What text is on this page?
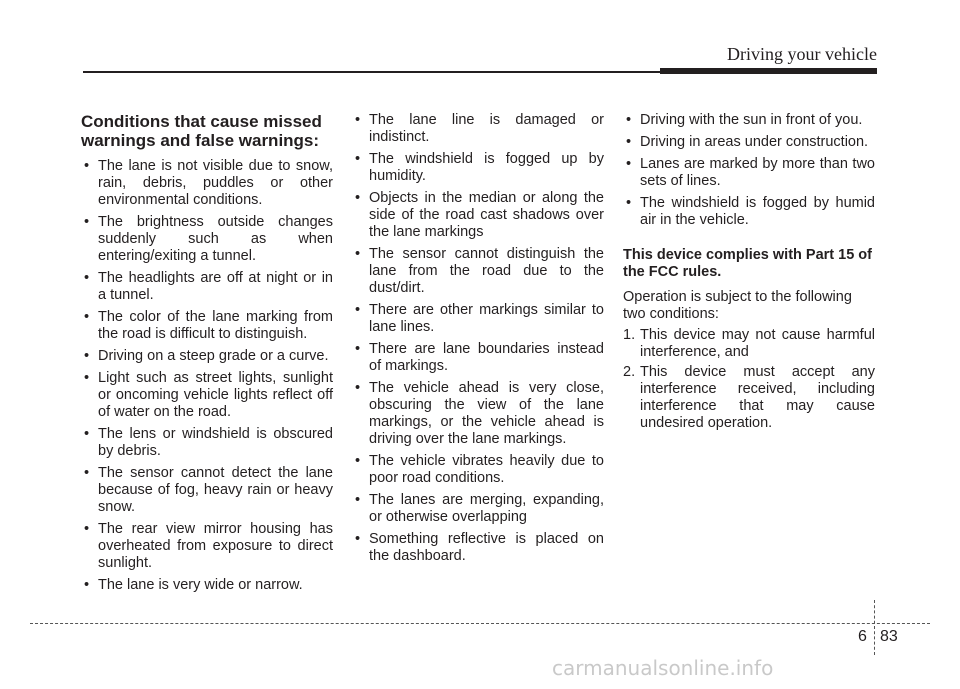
Driving your vehicle
Conditions that cause missed
warnings and false warnings:
• The lane is not visible due to snow, rain, debris, puddles or other environmental conditions.
• The brightness outside changes suddenly such as when entering/exiting a tunnel.
• The headlights are off at night or in a tunnel.
• The color of the lane marking from the road is difficult to distinguish.
• Driving on a steep grade or a curve.
• Light such as street lights, sunlight or oncoming vehicle lights reflect off of water on the road.
• The lens or windshield is obscured by debris.
• The sensor cannot detect the lane because of fog, heavy rain or heavy snow.
• The rear view mirror housing has overheated from exposure to direct sunlight.
• The lane is very wide or narrow.
• The lane line is damaged or indistinct.
• The windshield is fogged up by humidity.
• Objects in the median or along the side of the road cast shadows over the lane markings
• The sensor cannot distinguish the lane from the road due to the dust/dirt.
• There are other markings similar to lane lines.
• There are lane boundaries instead of markings.
• The vehicle ahead is very close, obscuring the view of the lane markings, or the vehicle ahead is driving over the lane markings.
• The vehicle vibrates heavily due to poor road conditions.
• The lanes are merging, expanding, or otherwise overlapping
• Something reflective is placed on the dashboard.
• Driving with the sun in front of you.
• Driving in areas under construction.
• Lanes are marked by more than two sets of lines.
• The windshield is fogged by humid air in the vehicle.

This device complies with Part 15 of the FCC rules.

Operation is subject to the following two conditions:

1. This device may not cause harmful interference, and
2. This device must accept any interference received, including interference that may cause undesired operation.
6 83
carmanualsonline.info
